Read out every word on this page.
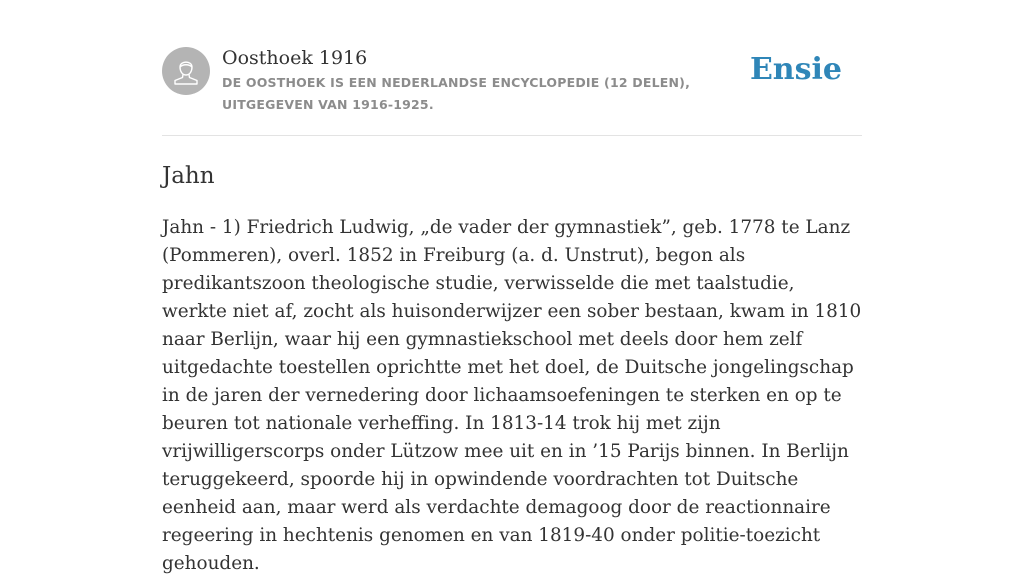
Oosthoek 1916
DE OOSTHOEK IS EEN NEDERLANDSE ENCYCLOPEDIE (12 DELEN), UITGEGEVEN VAN 1916-1925.
Ensie
Jahn

Jahn - 1) Friedrich Ludwig, „de vader der gymnastiek”, geb. 1778 te Lanz (Pommeren), overl. 1852 in Freiburg (a. d. Unstrut), begon als predikantszoon theologische studie, verwisselde die met taalstudie, werkte niet af, zocht als huisonderwijzer een sober bestaan, kwam in 1810 naar Berlijn, waar hij een gymnastiekschool met deels door hem zelf uitgedachte toestellen oprichtte met het doel, de Duitsche jongelingschap in de jaren der vernedering door lichaamsoefeningen te sterken en op te beuren tot nationale verheffing. In 1813-14 trok hij met zijn vrijwilligerscorps onder Lützow mee uit en in ’15 Parijs binnen. In Berlijn teruggekeerd, spoorde hij in opwindende voordrachten tot Duitsche eenheid aan, maar werd als verdachte demagoog door de reactionnaire regeering in hechtenis genomen en van 1819-40 onder politie-toezicht gehouden.
